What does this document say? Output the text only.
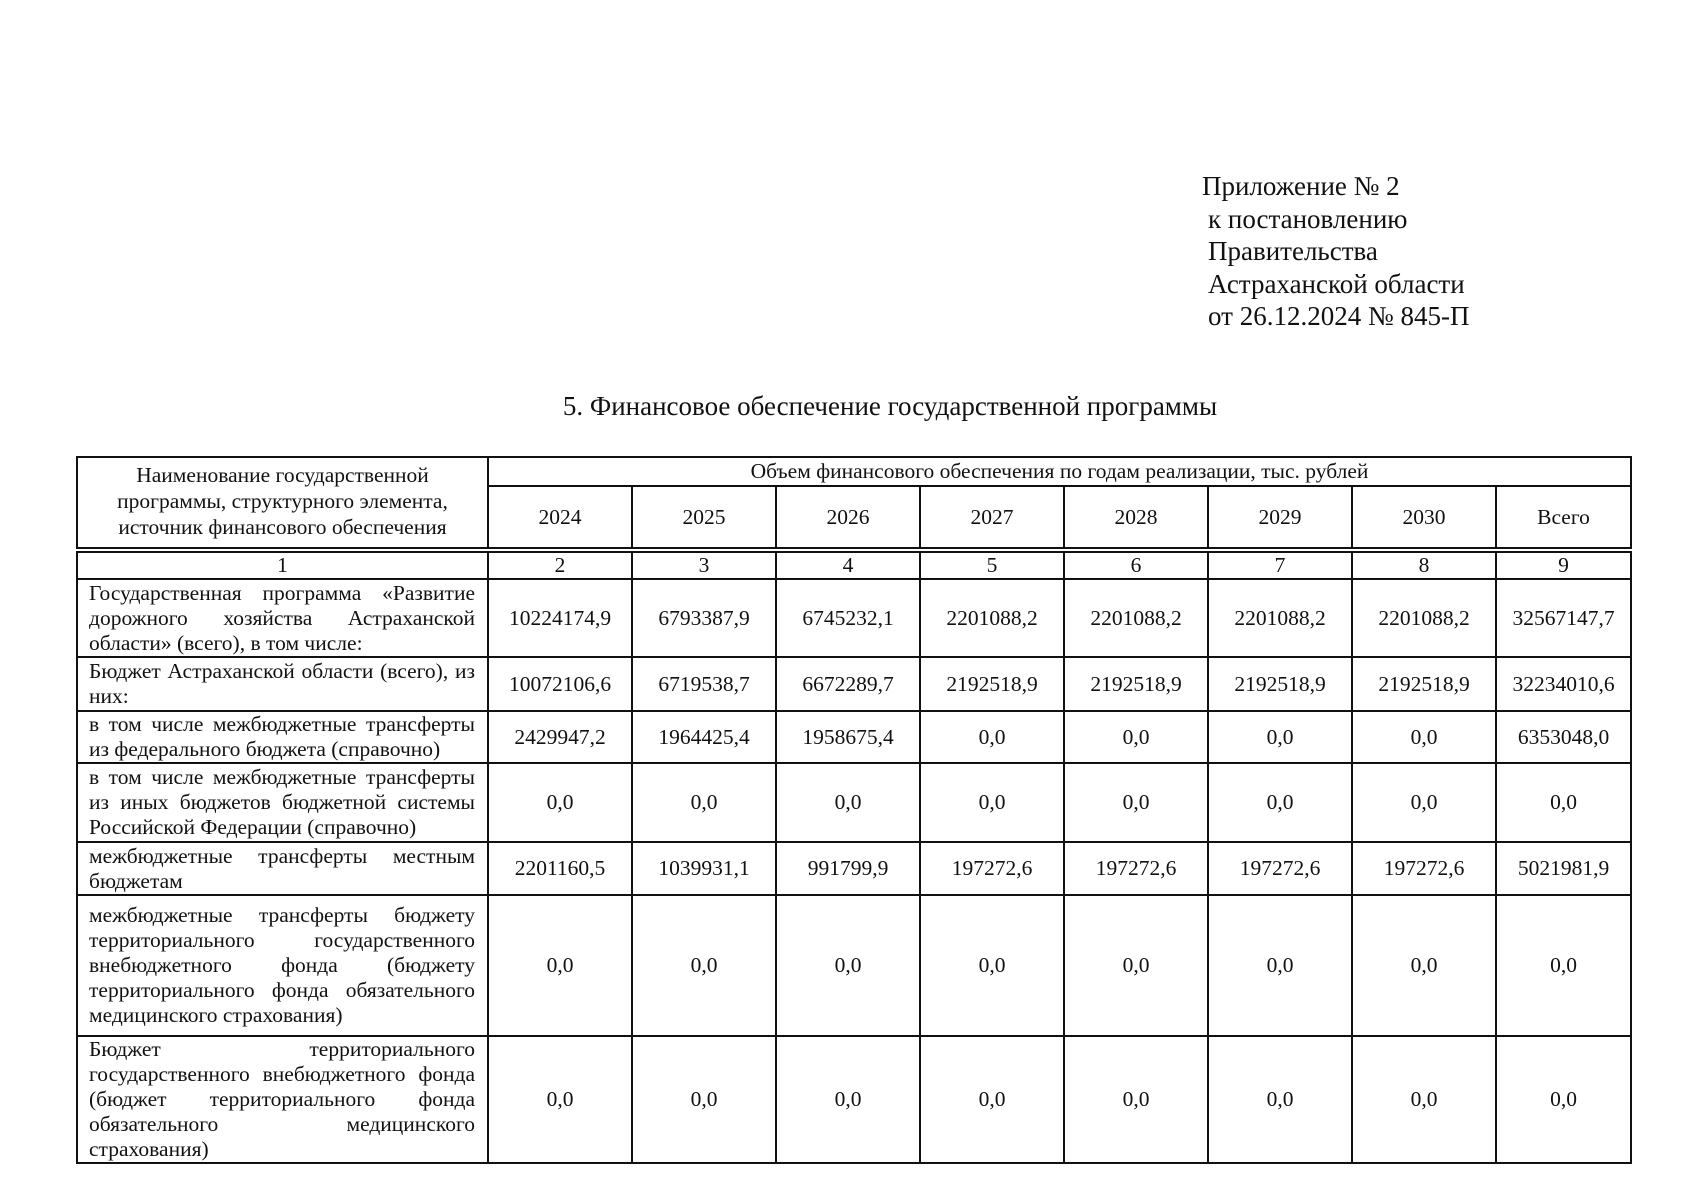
Приложение № 2
к постановлению
Правительства
Астраханской области
от 26.12.2024 № 845-П
5. Финансовое обеспечение государственной программы
Наименование государственной программы, структурного элемента, источник финансового обеспечения	Объем финансового обеспечения по годам реализации, тыс. рублей							
	2024	2025	2026	2027	2028	2029	2030	Всего

1	2	3	4	5	6	7	8	9
Государственная программа «Развитие дорожного хозяйства Астраханской области» (всего), в том числе:	10224174,9	6793387,9	6745232,1	2201088,2	2201088,2	2201088,2	2201088,2	32567147,7
Бюджет Астраханской области (всего), из них:	10072106,6	6719538,7	6672289,7	2192518,9	2192518,9	2192518,9	2192518,9	32234010,6
в том числе межбюджетные трансферты из федерального бюджета (справочно)	2429947,2	1964425,4	1958675,4	0,0	0,0	0,0	0,0	6353048,0
в том числе межбюджетные трансферты из иных бюджетов бюджетной системы Российской Федерации (справочно)	0,0	0,0	0,0	0,0	0,0	0,0	0,0	0,0
межбюджетные трансферты местным бюджетам	2201160,5	1039931,1	991799,9	197272,6	197272,6	197272,6	197272,6	5021981,9
межбюджетные трансферты бюджету территориального государственного внебюджетного фонда (бюджету территориального фонда обязательного медицинского страхования)	0,0	0,0	0,0	0,0	0,0	0,0	0,0	0,0
Бюджет территориального государственного внебюджетного фонда (бюджет территориального фонда обязательного медицинского страхования)	0,0	0,0	0,0	0,0	0,0	0,0	0,0	0,0
